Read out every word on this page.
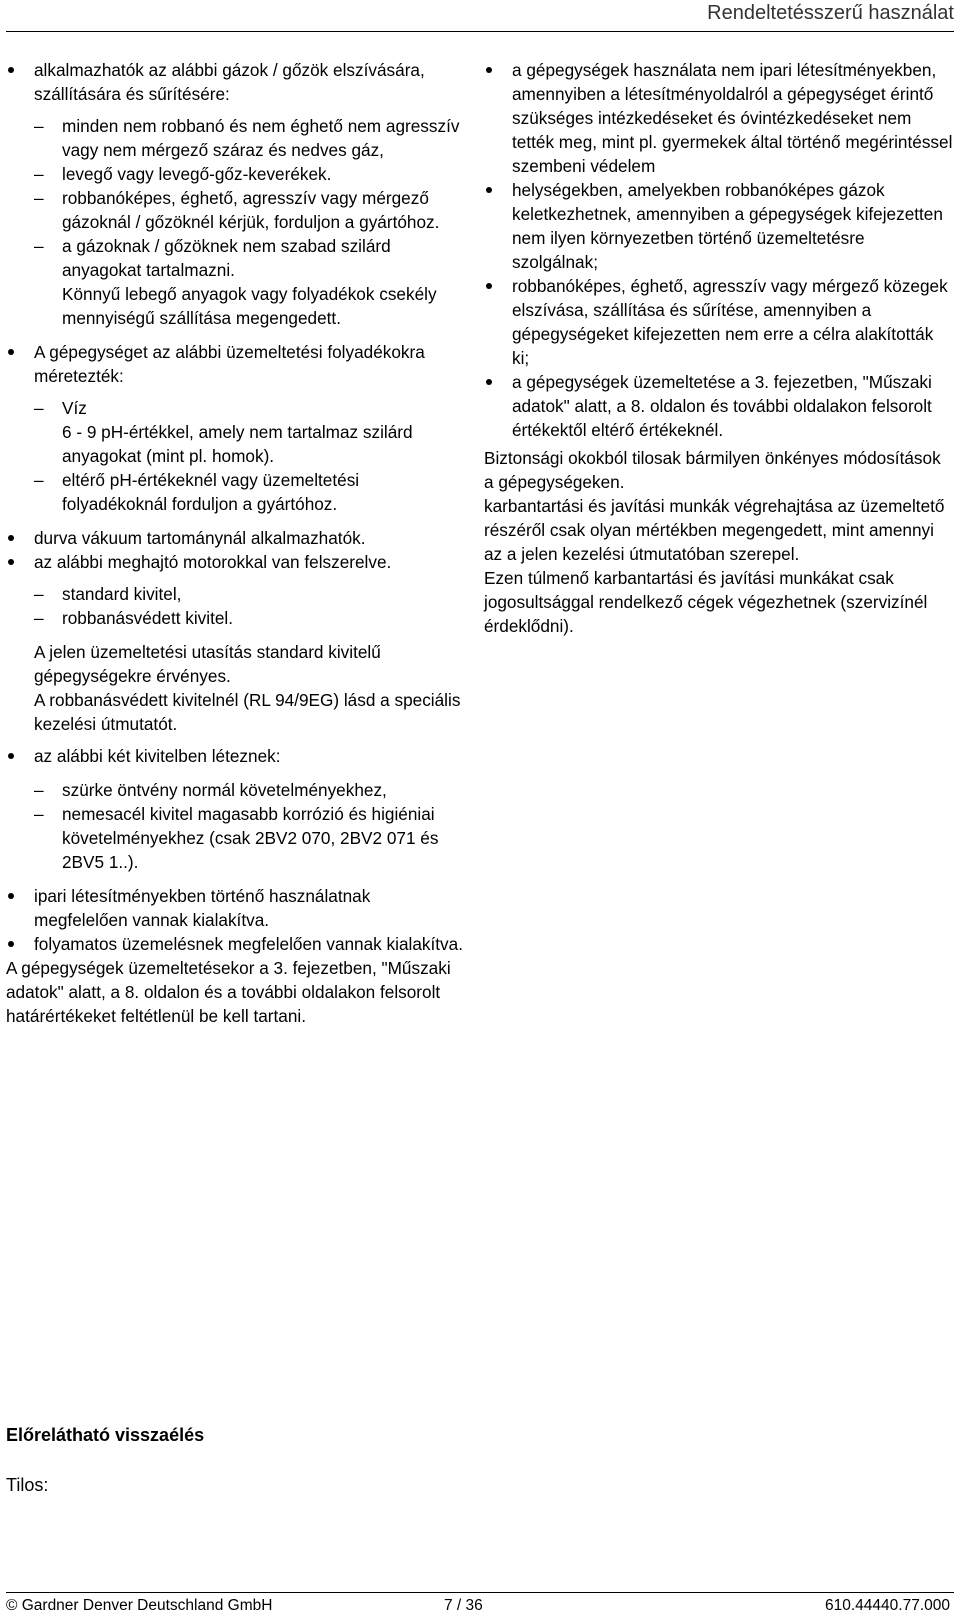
Rendeltetésszerű használat
alkalmazhatók az alábbi gázok / gőzök elszívására, szállítására és sűrítésére:
– minden nem robbanó és nem éghető nem agresszív vagy nem mérgező száraz és nedves gáz,
– levegő vagy levegő-gőz-keverékek.
– robbanóképes, éghető, agresszív vagy mérgező gázoknál / gőzöknél kérjük, forduljon a gyártóhoz.
– a gázoknak / gőzöknek nem szabad szilárd anyagokat tartalmazni.
Könnyű lebegő anyagok vagy folyadékok csekély mennyiségű szállítása megengedett.
A gépegységet az alábbi üzemeltetési folyadékokra méretezték:
– Víz
6 - 9 pH-értékkel, amely nem tartalmaz szilárd anyagokat (mint pl. homok).
– eltérő pH-értékeknél vagy üzemeltetési folyadékoknál forduljon a gyártóhoz.
durva vákuum tartománynál alkalmazhatók.
az alábbi meghajtó motorokkal van felszerelve.
– standard kivitel,
– robbanásvédett kivitel.
A jelen üzemeltetési utasítás standard kivitelű gépegységekre érvényes.
A robbanásvédett kivitelnél (RL 94/9EG) lásd a speciális kezelési útmutatót.
az alábbi két kivitelben léteznek:
– szürke öntvény normál követelményekhez,
– nemesacél kivitel magasabb korrózió és higiéniai követelményekhez (csak 2BV2 070, 2BV2 071 és 2BV5 1..).
ipari létesítményekben történő használatnak megfelelően vannak kialakítva.
folyamatos üzemelésnek megfelelően vannak kialakítva.
A gépegységek üzemeltetésekor a 3. fejezetben, "Műszaki adatok" alatt, a 8. oldalon és a további oldalakon felsorolt határértékeket feltétlenül be kell tartani.
a gépegységek használata nem ipari létesítményekben, amennyiben a létesítményoldalról a gépegységet érintő szükséges intézkedéseket és óvintézkedéseket nem tették meg, mint pl. gyermekek által történő megérintéssel szembeni védelem
helységekben, amelyekben robbanóképes gázok keletkezhetnek, amennyiben a gépegységek kifejezetten nem ilyen környezetben történő üzemeltetésre szolgálnak;
robbanóképes, éghető, agresszív vagy mérgező közegek elszívása, szállítása és sűrítése, amennyiben a gépegységeket kifejezetten nem erre a célra alakították ki;
a gépegységek üzemeltetése a 3. fejezetben, "Műszaki adatok" alatt, a 8. oldalon és további oldalakon felsorolt értékektől eltérő értékeknél.
Biztonsági okokból tilosak bármilyen önkényes módosítások a gépegységeken.
karbantartási és javítási munkák végrehajtása az üzemeltető részéről csak olyan mértékben megengedett, mint amennyi az a jelen kezelési útmutatóban szerepel.
Ezen túlmenő karbantartási és javítási munkákat csak jogosultsággal rendelkező cégek végezhetnek (szervizínél érdeklődni).
Előrelátható visszaélés
Tilos:
© Gardner Denver Deutschland GmbH	7 / 36	610.44440.77.000
